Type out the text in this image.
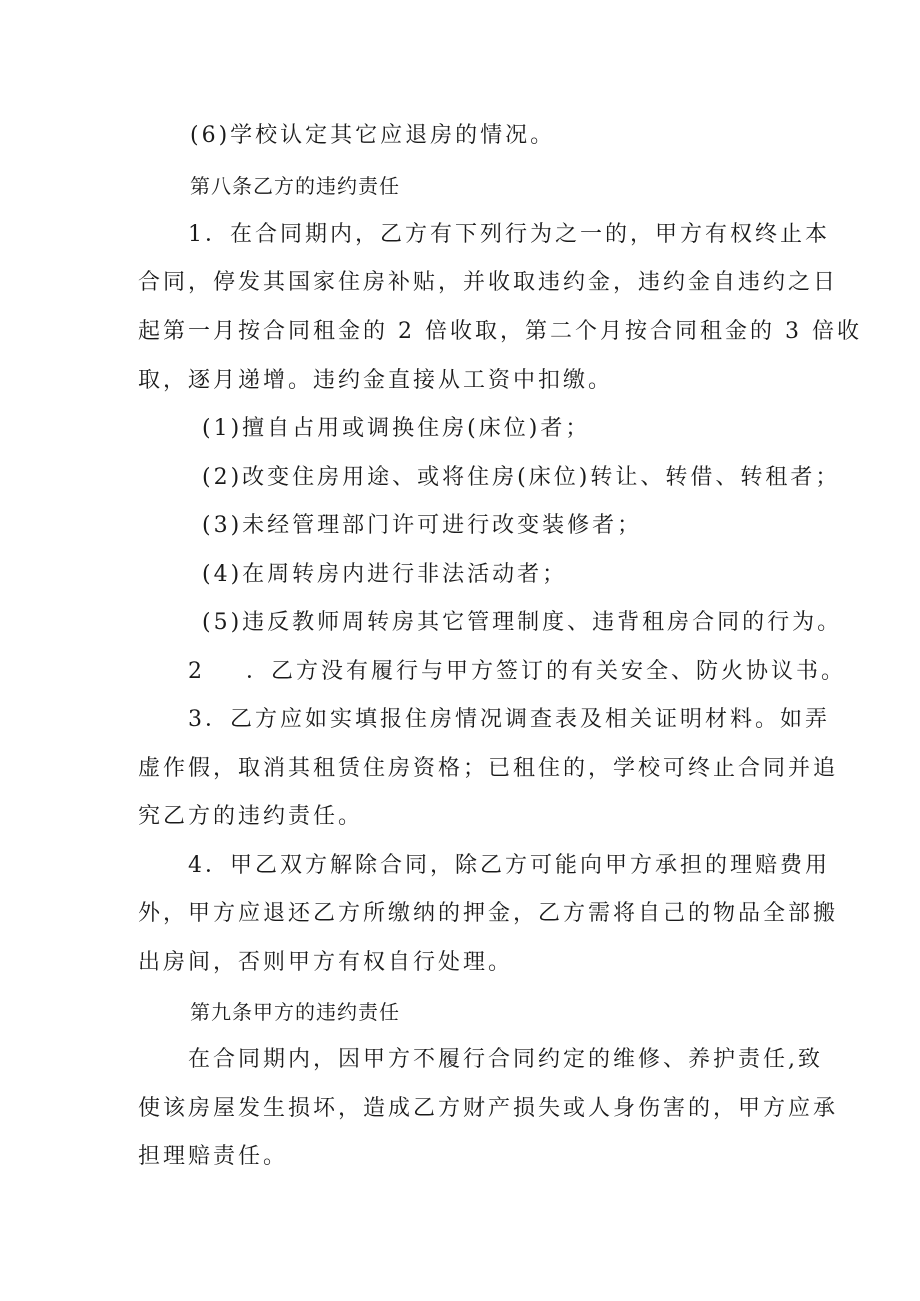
(6)学校认定其它应退房的情况。
第八条乙方的违约责任
1．在合同期内，乙方有下列行为之一的，甲方有权终止本
合同，停发其国家住房补贴，并收取违约金，违约金自违约之日
起第一月按合同租金的 2 倍收取，第二个月按合同租金的 3 倍收
取，逐月递增。违约金直接从工资中扣缴。
(1)擅自占用或调换住房(床位)者；
(2)改变住房用途、或将住房(床位)转让、转借、转租者；
(3)未经管理部门许可进行改变装修者；
(4)在周转房内进行非法活动者；
(5)违反教师周转房其它管理制度、违背租房合同的行为。
2 ．乙方没有履行与甲方签订的有关安全、防火协议书。
3．乙方应如实填报住房情况调查表及相关证明材料。如弄
虚作假，取消其租赁住房资格；已租住的，学校可终止合同并追
究乙方的违约责任。
4．甲乙双方解除合同，除乙方可能向甲方承担的理赔费用
外，甲方应退还乙方所缴纳的押金，乙方需将自己的物品全部搬
出房间，否则甲方有权自行处理。
第九条甲方的违约责任
在合同期内，因甲方不履行合同约定的维修、养护责任,致
使该房屋发生损坏，造成乙方财产损失或人身伤害的，甲方应承
担理赔责任。
